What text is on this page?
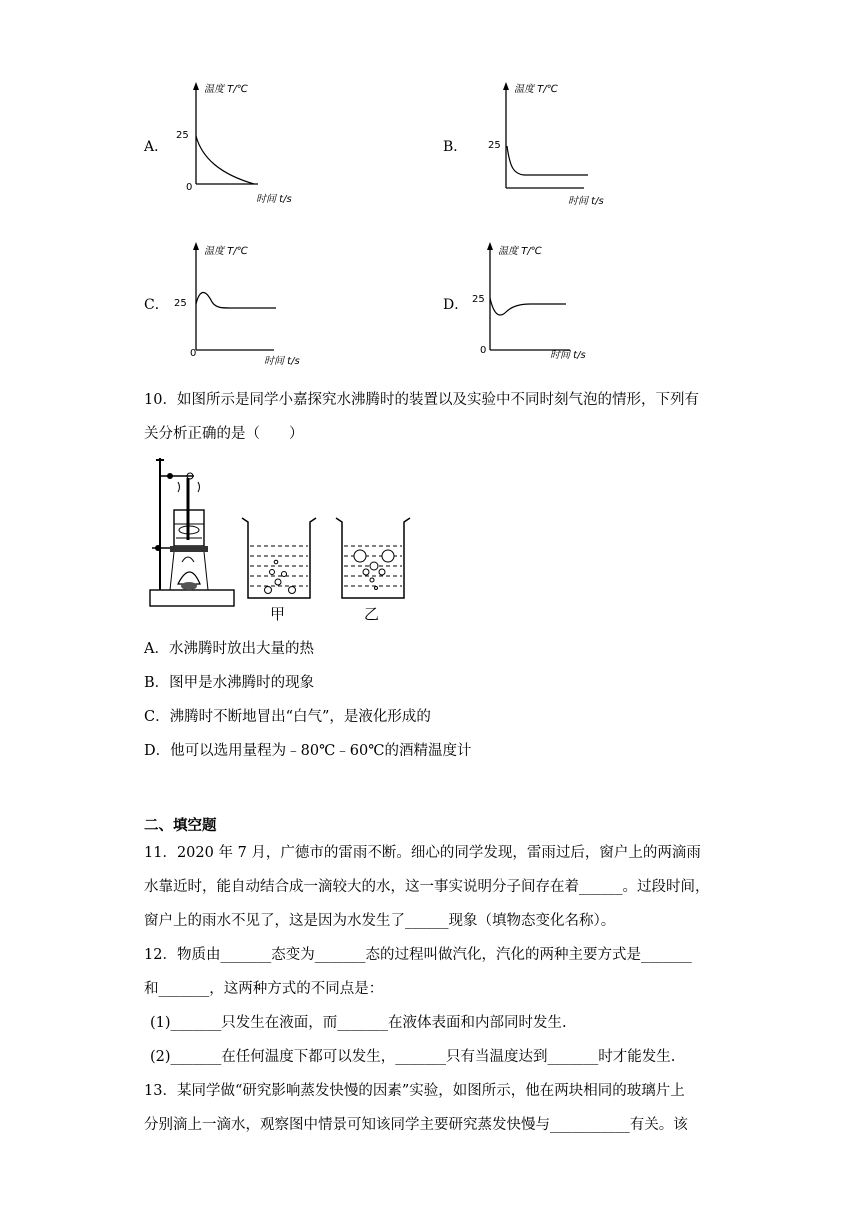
A．	B．
C．	D．
温度 T/℃
25
0
时间 t/s
温度 T/℃
25
时间 t/s
温度 T/℃
25
0
时间 t/s
温度 T/℃
25
0	时间 t/s
10．如图所示是同学小嘉探究水沸腾时的装置以及实验中不同时刻气泡的情形，下列有
关分析正确的是（　　）
甲	乙
A．水沸腾时放出大量的热
B．图甲是水沸腾时的现象
C．沸腾时不断地冒出“白气”，是液化形成的
D．他可以选用量程为﹣80℃﹣60℃的酒精温度计
二、填空题
11．2020 年 7 月，广德市的雷雨不断。细心的同学发现，雷雨过后，窗户上的两滴雨
水靠近时，能自动结合成一滴较大的水，这一事实说明分子间存在着______。过段时间，
窗户上的雨水不见了，这是因为水发生了______现象（填物态变化名称）。
12．物质由_______态变为_______态的过程叫做汽化，汽化的两种主要方式是_______
和_______，这两种方式的不同点是：
(1)_______只发生在液面，而_______在液体表面和内部同时发生.
(2)_______在任何温度下都可以发生，_______只有当温度达到_______时才能发生.
13．某同学做“研究影响蒸发快慢的因素”实验，如图所示，他在两块相同的玻璃片上
分别滴上一滴水，观察图中情景可知该同学主要研究蒸发快慢与___________有关。该
